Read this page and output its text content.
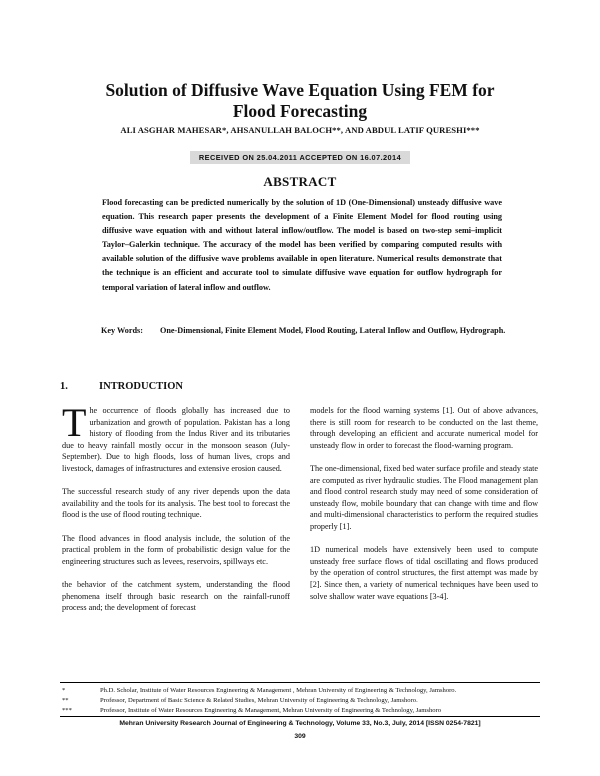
Solution of Diffusive Wave Equation Using FEM for
Flood Forecasting
ALI ASGHAR MAHESAR*, AHSANULLAH BALOCH**, AND ABDUL LATIF QURESHI***
RECEIVED ON 25.04.2011 ACCEPTED ON 16.07.2014
ABSTRACT

Flood forecasting can be predicted numerically by the solution of 1D (One-Dimensional) unsteady diffusive wave equation. This research paper presents the development of a Finite Element Model for flood routing using diffusive wave equation with and without lateral inflow/outflow. The model is based on two-step semi–implicit Taylor–Galerkin technique. The accuracy of the model has been verified by comparing computed results with available solution of the diffusive wave problems available in open literature. Numerical results demonstrate that the technique is an efficient and accurate tool to simulate diffusive wave equation for outflow hydrograph for temporal variation of lateral inflow and outflow.

Key Words: One-Dimensional, Finite Element Model, Flood Routing, Lateral Inflow and Outflow, Hydrograph.
1.	INTRODUCTION

The occurrence of floods globally has increased due to urbanization and growth of population. Pakistan has a long history of flooding from the Indus River and its tributaries due to heavy rainfall mostly occur in the monsoon season (July-September). Due to high floods, loss of human lives, crops and livestock, damages of infrastructures and extensive erosion caused.

The successful research study of any river depends upon the data availability and the tools for its analysis. The best tool to forecast the flood is the use of flood routing technique.

The flood advances in flood analysis include, the solution of the practical problem in the form of probabilistic design value for the engineering structures such as levees, reservoirs, spillways etc.

the behavior of the catchment system, understanding the flood phenomena itself through basic research on the rainfall-runoff process and; the development of forecast

models for the flood warning systems [1]. Out of above advances, there is still room for research to be conducted on the last theme, through developing an efficient and accurate numerical model for unsteady flow in order to forecast the flood-warning program.

The one-dimensional, fixed bed water surface profile and steady state are computed as river hydraulic studies. The Flood management plan and flood control research study may need of some consideration of unsteady flow, mobile boundary that can change with time and flow and multi-dimensional characteristics to perform the required studies properly [1].

1D numerical models have extensively been used to compute unsteady free surface flows of tidal oscillating and flows produced by the operation of control structures, the first attempt was made by [2]. Since then, a variety of numerical techniques have been used to solve shallow water wave equations [3-4].

*	Ph.D. Scholar, Institute of Water Resources Engineering & Management , Mehran University of Engineering & Technology, Jamshoro.
**	Professor, Department of Basic Science & Related Studies, Mehran University of Engineering & Technology, Jamshoro.
***	Professor, Institute of Water Resources Engineering & Management, Mehran University of Engineering & Technology, Jamshoro
Mehran University Research Journal of Engineering & Technology, Volume 33, No.3, July, 2014 [ISSN 0254-7821]
309
